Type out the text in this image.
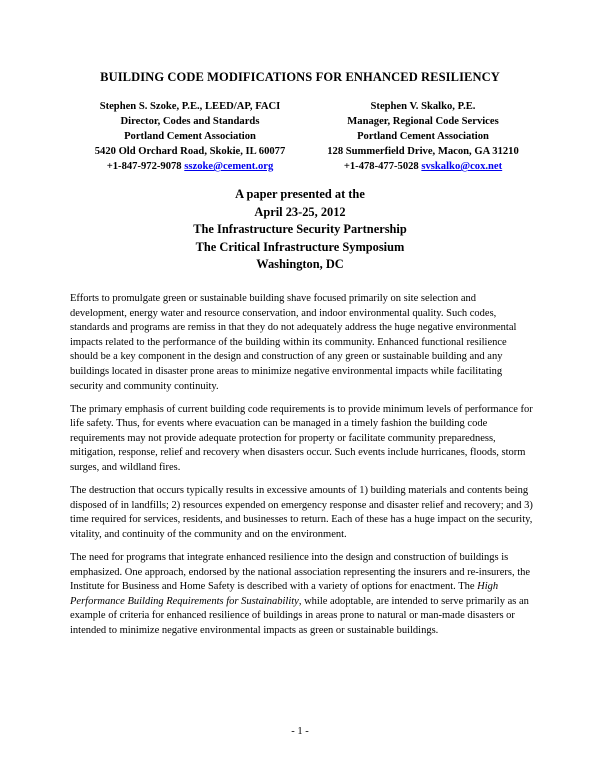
BUILDING CODE MODIFICATIONS FOR ENHANCED RESILIENCY
Stephen S. Szoke, P.E., LEED/AP, FACI
Director, Codes and Standards
Portland Cement Association
5420 Old Orchard Road, Skokie, IL 60077
+1-847-972-9078 sszoke@cement.org
Stephen V. Skalko, P.E.
Manager, Regional Code Services
Portland Cement Association
128 Summerfield Drive, Macon, GA 31210
+1-478-477-5028 svskalko@cox.net
A paper presented at the
April 23-25, 2012
The Infrastructure Security Partnership
The Critical Infrastructure Symposium
Washington, DC

Efforts to promulgate green or sustainable building shave focused primarily on site selection and development, energy water and resource conservation, and indoor environmental quality. Such codes, standards and programs are remiss in that they do not adequately address the huge negative environmental impacts related to the performance of the building within its community. Enhanced functional resilience should be a key component in the design and construction of any green or sustainable building and any buildings located in disaster prone areas to minimize negative environmental impacts while facilitating security and community continuity.

The primary emphasis of current building code requirements is to provide minimum levels of performance for life safety. Thus, for events where evacuation can be managed in a timely fashion the building code requirements may not provide adequate protection for property or facilitate community preparedness, mitigation, response, relief and recovery when disasters occur. Such events include hurricanes, floods, storm surges, and wildland fires.

The destruction that occurs typically results in excessive amounts of 1) building materials and contents being disposed of in landfills; 2) resources expended on emergency response and disaster relief and recovery; and 3) time required for services, residents, and businesses to return. Each of these has a huge impact on the security, vitality, and continuity of the community and on the environment.

The need for programs that integrate enhanced resilience into the design and construction of buildings is emphasized. One approach, endorsed by the national association representing the insurers and re-insurers, the Institute for Business and Home Safety is described with a variety of options for enactment. The High Performance Building Requirements for Sustainability, while adoptable, are intended to serve primarily as an example of criteria for enhanced resilience of buildings in areas prone to natural or man-made disasters or intended to minimize negative environmental impacts as green or sustainable buildings.

- 1 -
